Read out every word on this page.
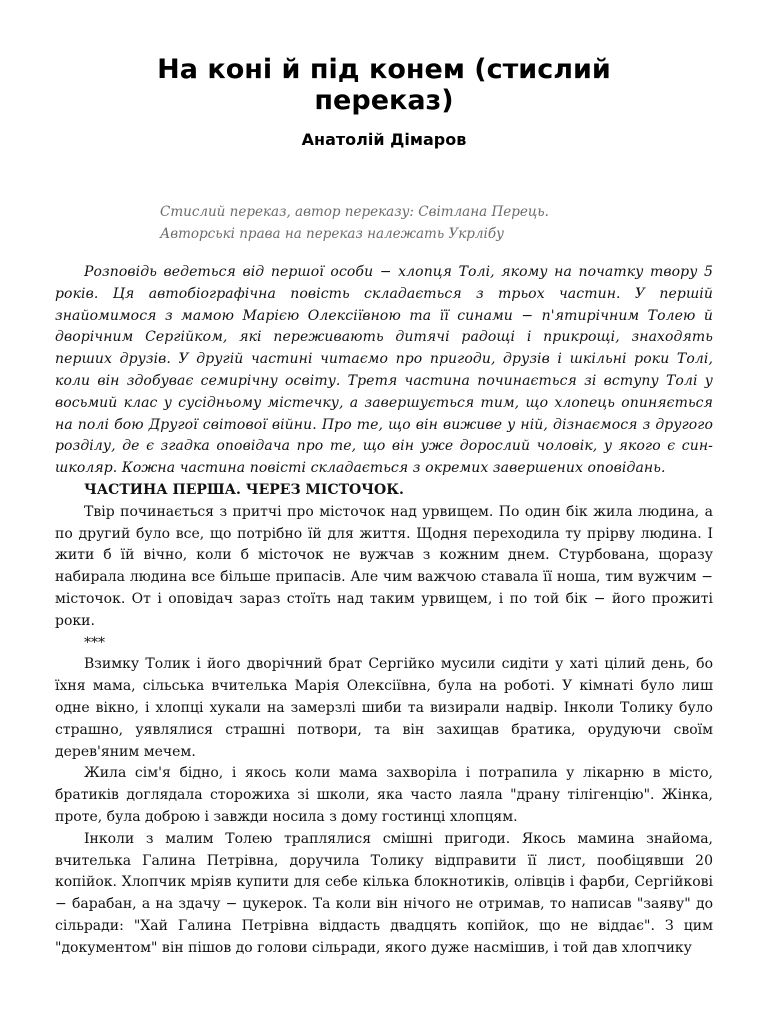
На коні й під конем (стислий переказ)
Анатолій Дімаров
Стислий переказ, автор переказу: Світлана Перець.
Авторські права на переказ належать Укрлібу

Розповідь ведеться від першої особи − хлопця Толі, якому на початку твору 5 років. Ця автобіографічна повість складається з трьох частин. У першій знайомимося з мамою Марією Олексіївною та її синами − п'ятирічним Толею й дворічним Сергійком, які переживають дитячі радощі і прикрощі, знаходять перших друзів. У другій частині читаємо про пригоди, друзів і шкільні роки Толі, коли він здобуває семирічну освіту. Третя частина починається зі вступу Толі у восьмий клас у сусідньому містечку, а завершується тим, що хлопець опиняється на полі бою Другої світової війни. Про те, що він виживе у ній, дізнаємося з другого розділу, де є згадка оповідача про те, що він уже дорослий чоловік, у якого є син-школяр. Кожна частина повісті складається з окремих завершених оповідань.

ЧАСТИНА ПЕРША. ЧЕРЕЗ МІСТОЧОК.

Твір починається з притчі про місточок над урвищем. По один бік жила людина, а по другий було все, що потрібно їй для життя. Щодня переходила ту прірву людина. І жити б їй вічно, коли б місточок не вужчав з кожним днем. Стурбована, щоразу набирала людина все більше припасів. Але чим важчою ставала її ноша, тим вужчим − місточок. От і оповідач зараз стоїть над таким урвищем, і по той бік − його прожиті роки.

***

Взимку Толик і його дворічний брат Сергійко мусили сидіти у хаті цілий день, бо їхня мама, сільська вчителька Марія Олексіївна, була на роботі. У кімнаті було лиш одне вікно, і хлопці хукали на замерзлі шиби та визирали надвір. Інколи Толику було страшно, уявлялися страшні потвори, та він захищав братика, орудуючи своїм дерев'яним мечем.

Жила сім'я бідно, і якось коли мама захворіла і потрапила у лікарню в місто, братиків доглядала сторожиха зі школи, яка часто лаяла "драну тілігенцію". Жінка, проте, була доброю і завжди носила з дому гостинці хлопцям.

Інколи з малим Толею траплялися смішні пригоди. Якось мамина знайома, вчителька Галина Петрівна, доручила Толику відправити її лист, пообіцявши 20 копійок. Хлопчик мріяв купити для себе кілька блокнотиків, олівців і фарби, Сергійкові − барабан, а на здачу − цукерок. Та коли він нічого не отримав, то написав "заяву" до сільради: "Хай Галина Петрівна віддасть двадцять копійок, що не віддає". З цим "документом" він пішов до голови сільради, якого дуже насмішив, і той дав хлопчику
